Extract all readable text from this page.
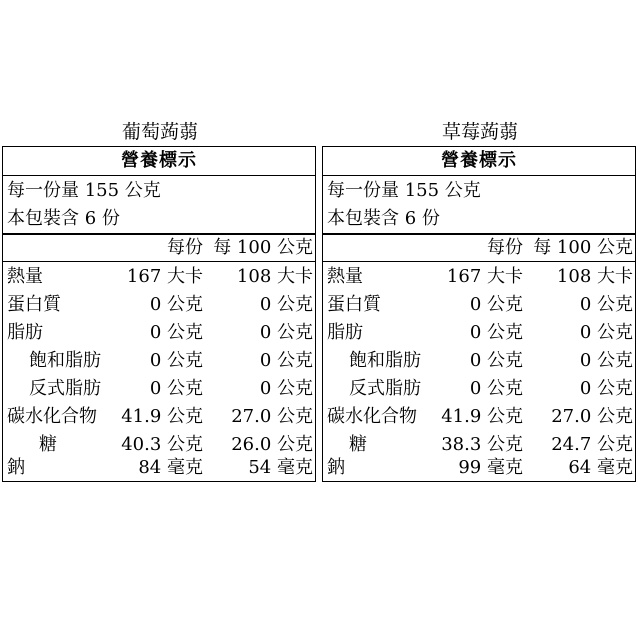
葡萄蒟蒻
營養標示
每一份量 155 公克
本包裝含 6 份
每份 每 100 公克
熱量	167 大卡 108 大卡
蛋白質	0 公克	0 公克
脂肪	0 公克	0 公克
飽和脂肪	0 公克	0 公克
反式脂肪	0 公克	0 公克
碳水化合物 41.9 公克 27.0 公克
糖	40.3 公克 26.0 公克
鈉	84 毫克	54 毫克
草莓蒟蒻
營養標示
每一份量 155 公克
本包裝含 6 份
每份 每 100 公克
熱量	167 大卡 108 大卡
蛋白質	0 公克	0 公克
脂肪	0 公克	0 公克
飽和脂肪	0 公克	0 公克
反式脂肪	0 公克	0 公克
碳水化合物 41.9 公克 27.0 公克
糖	38.3 公克 24.7 公克
鈉	99 毫克	64 毫克
